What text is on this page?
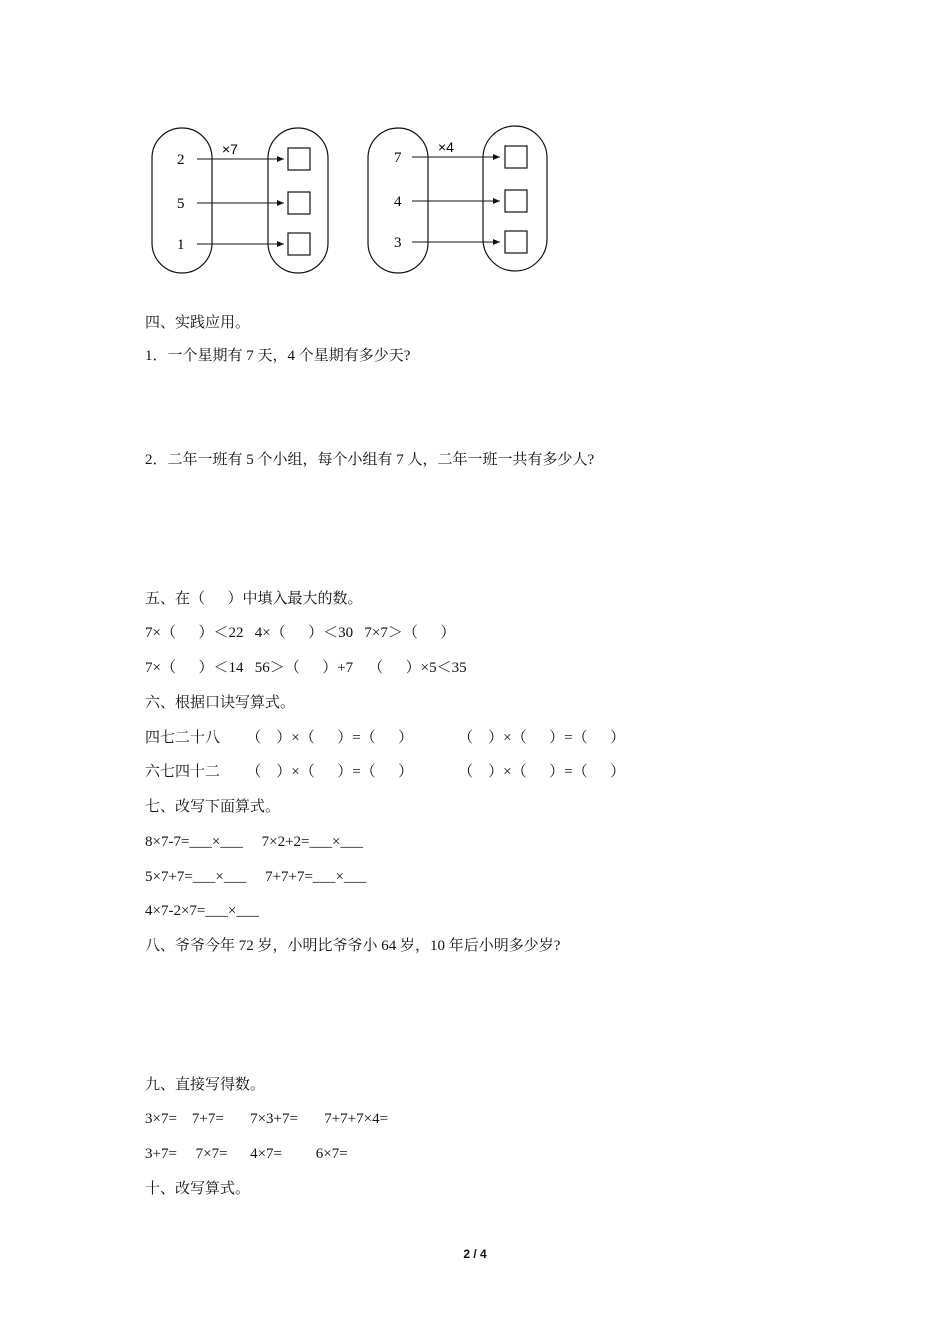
×7
2
5
1
×4
7
4
3
四、实践应用。
1．一个星期有 7 天，4 个星期有多少天?
2．二年一班有 5 个小组，每个小组有 7 人，二年一班一共有多少人?
五、在（      ）中填入最大的数。
7×（      ）＜22   4×（      ）＜30   7×7＞（      ）
7×（      ）＜14   56＞（      ）+7    （      ）×5＜35
六、根据口诀写算式。
四七二十八       （    ）×（      ）=（      ）            （    ）×（      ）=（      ）
六七四十二       （    ）×（      ）=（      ）            （    ）×（      ）=（      ）
七、改写下面算式。
8×7-7=___×___     7×2+2=___×___
5×7+7=___×___     7+7+7=___×___
4×7-2×7=___×___
八、爷爷今年 72 岁，小明比爷爷小 64 岁，10 年后小明多少岁?
九、直接写得数。
3×7=    7+7=       7×3+7=       7+7+7×4=
3+7=     7×7=      4×7=         6×7=
十、改写算式。
2 / 4
